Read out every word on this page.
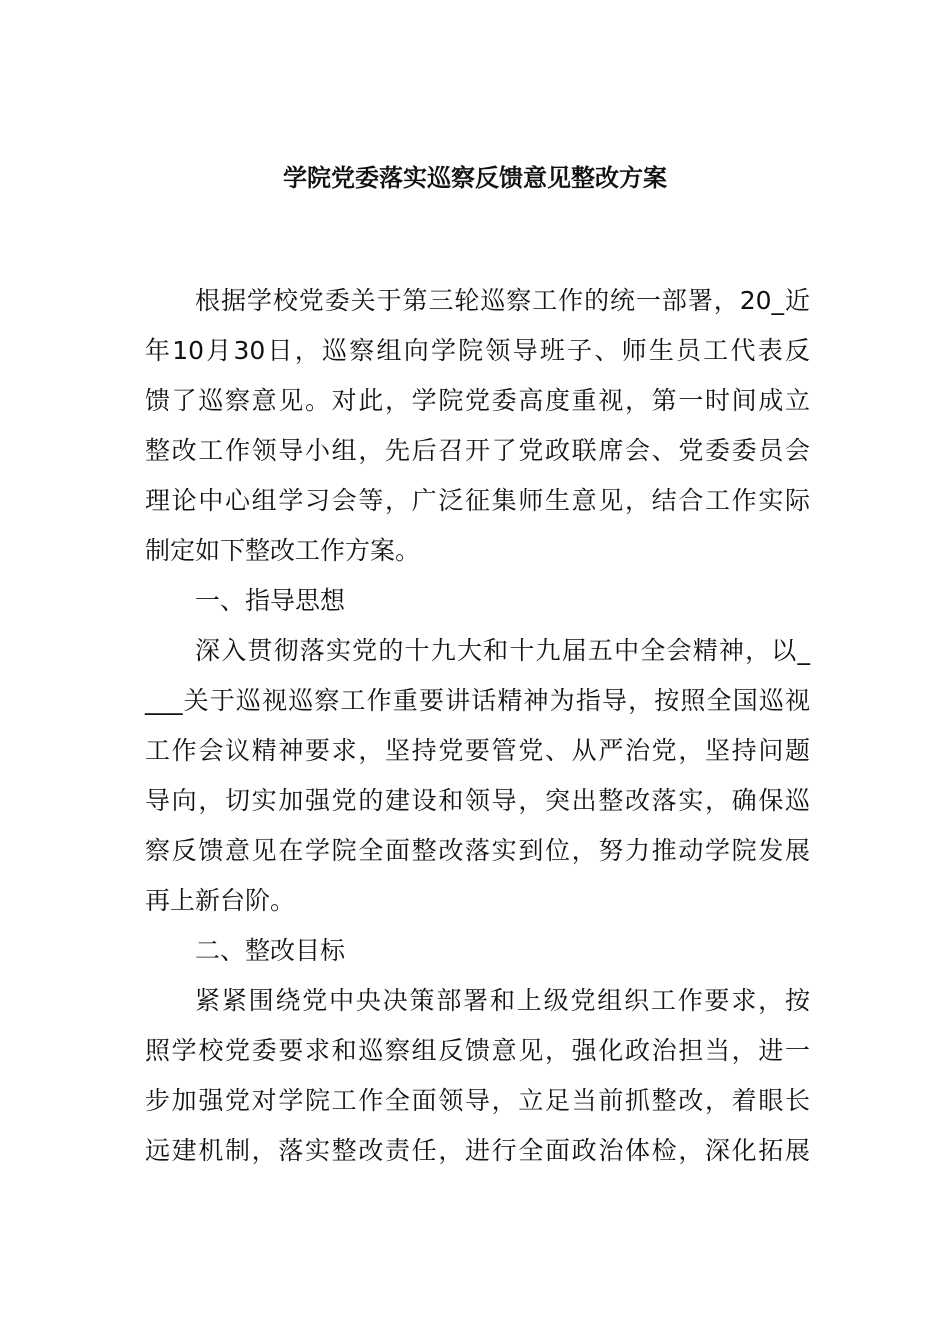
学院党委落实巡察反馈意见整改方案
根据学校党委关于第三轮巡察工作的统一部署，20_近
年10月30日，巡察组向学院领导班子、师生员工代表反
馈了巡察意见。对此，学院党委高度重视，第一时间成立
整改工作领导小组，先后召开了党政联席会、党委委员会
理论中心组学习会等，广泛征集师生意见，结合工作实际
制定如下整改工作方案。
一、指导思想
深入贯彻落实党的十九大和十九届五中全会精神，以_
___关于巡视巡察工作重要讲话精神为指导，按照全国巡视
工作会议精神要求，坚持党要管党、从严治党，坚持问题
导向，切实加强党的建设和领导，突出整改落实，确保巡
察反馈意见在学院全面整改落实到位，努力推动学院发展
再上新台阶。
二、整改目标
紧紧围绕党中央决策部署和上级党组织工作要求，按
照学校党委要求和巡察组反馈意见，强化政治担当，进一
步加强党对学院工作全面领导，立足当前抓整改，着眼长
远建机制，落实整改责任，进行全面政治体检，深化拓展
